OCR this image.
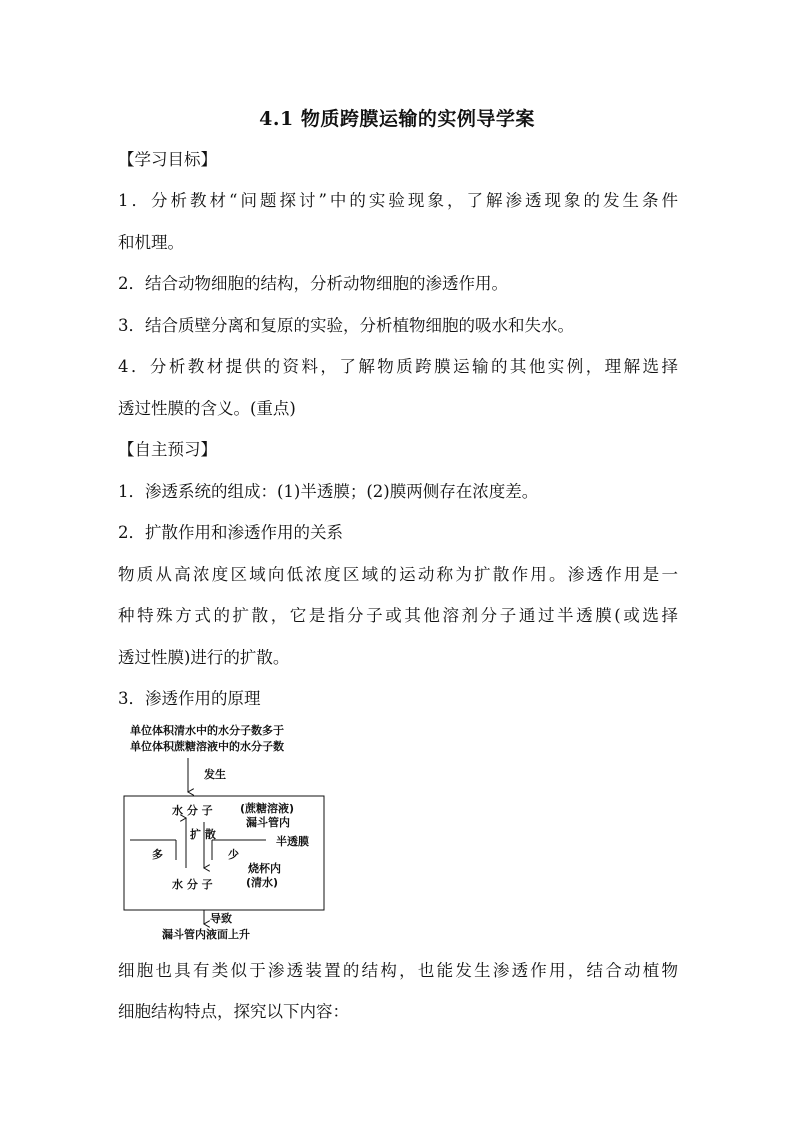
4.1 物质跨膜运输的实例导学案
【学习目标】
1．分析教材“问题探讨”中的实验现象，了解渗透现象的发生条件
和机理。
2．结合动物细胞的结构，分析动物细胞的渗透作用。
3．结合质壁分离和复原的实验，分析植物细胞的吸水和失水。
4．分析教材提供的资料，了解物质跨膜运输的其他实例，理解选择
透过性膜的含义。(重点)
【自主预习】
1．渗透系统的组成：(1)半透膜；(2)膜两侧存在浓度差。
2．扩散作用和渗透作用的关系
物质从高浓度区域向低浓度区域的运动称为扩散作用。渗透作用是一
种特殊方式的扩散，它是指分子或其他溶剂分子通过半透膜(或选择
透过性膜)进行的扩散。
3．渗透作用的原理
单位体积清水中的水分子数多于
单位体积蔗糖溶液中的水分子数
发生
水 分 子 (蔗糖溶液)
漏斗管内
扩 散
半透膜
多	少
烧杯内
(清水)
水 分 子
导致
漏斗管内液面上升
细胞也具有类似于渗透装置的结构，也能发生渗透作用，结合动植物
细胞结构特点，探究以下内容：
